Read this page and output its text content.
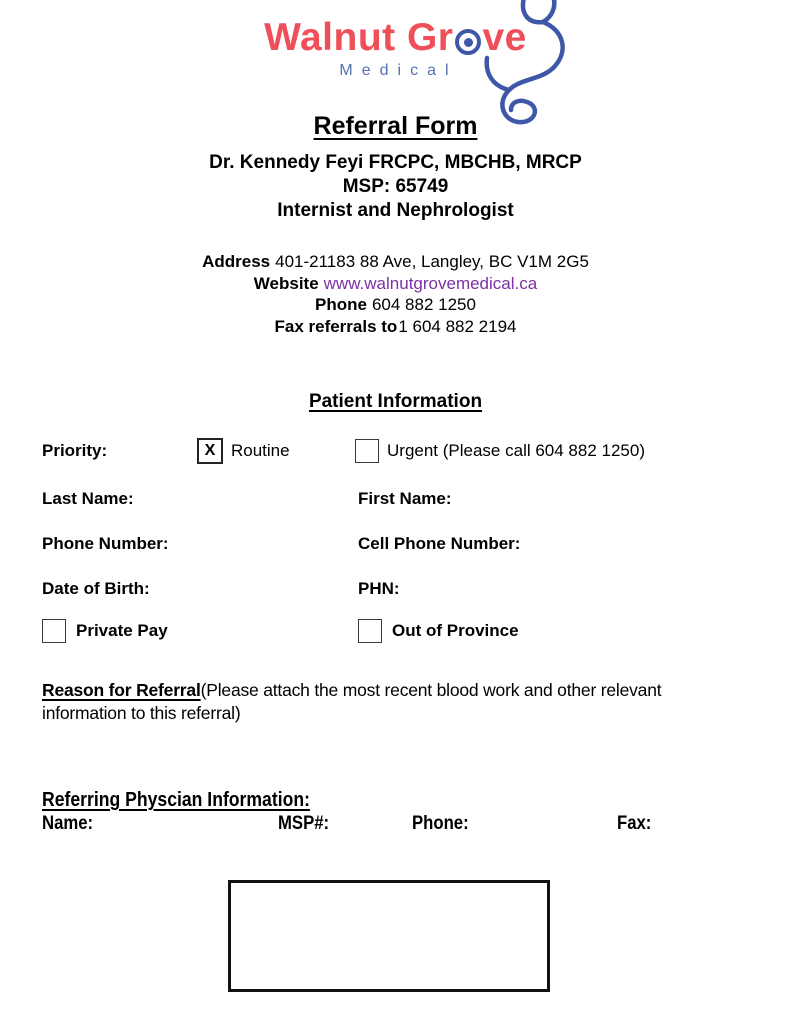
Walnut Gr ve
Medical
Referral Form
Dr. Kennedy Feyi FRCPC, MBCHB, MRCP
MSP: 65749
Internist and Nephrologist
Address 401-21183 88 Ave, Langley, BC V1M 2G5
Website www.walnutgrovemedical.ca
Phone 604 882 1250
Fax referrals to1 604 882 2194
Patient Information
Priority:	X Routine	Urgent (Please call 604 882 1250)
Last Name:	First Name:
Phone Number:	Cell Phone Number:
Date of Birth:	PHN:
Private Pay	Out of Province
Reason for Referral(Please attach the most recent blood work and other relevant information to this referral)
Referring Physcian Information:
Name:	MSP#:	Phone:	Fax:
